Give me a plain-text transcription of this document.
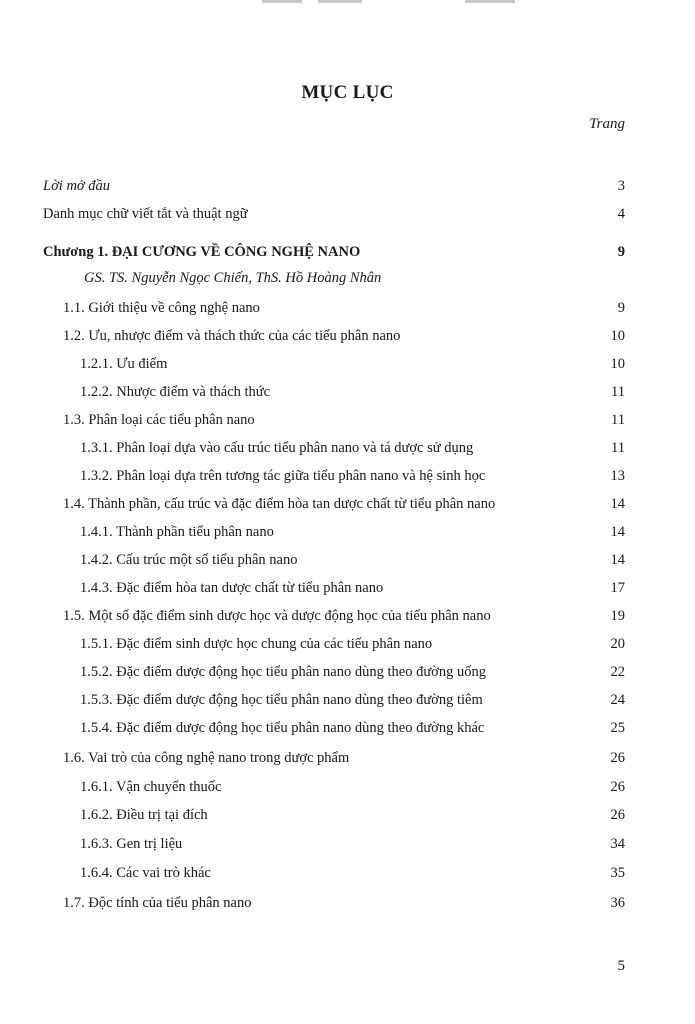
MỤC LỤC
Trang
Lời mở đầu	3
Danh mục chữ viết tắt và thuật ngữ	4
Chương 1. ĐẠI CƯƠNG VỀ CÔNG NGHỆ NANO	9
GS. TS. Nguyễn Ngọc Chiến, ThS. Hồ Hoàng Nhân
1.1. Giới thiệu về công nghệ nano	9
1.2. Ưu, nhược điểm và thách thức của các tiểu phân nano	10
1.2.1. Ưu điểm	10
1.2.2. Nhược điểm và thách thức	11
1.3. Phân loại các tiểu phân nano	11
1.3.1. Phân loại dựa vào cấu trúc tiểu phân nano và tá dược sử dụng	11
1.3.2. Phân loại dựa trên tương tác giữa tiểu phân nano và hệ sinh học	13
1.4. Thành phần, cấu trúc và đặc điểm hòa tan dược chất từ tiểu phân nano	14
1.4.1. Thành phần tiểu phân nano	14
1.4.2. Cấu trúc một số tiểu phân nano	14
1.4.3. Đặc điểm hòa tan dược chất từ tiểu phân nano	17
1.5. Một số đặc điểm sinh dược học và dược động học của tiểu phân nano	19
1.5.1. Đặc điểm sinh dược học chung của các tiểu phân nano	20
1.5.2. Đặc điểm dược động học tiểu phân nano dùng theo đường uống	22
1.5.3. Đặc điểm dược động học tiểu phân nano dùng theo đường tiêm	24
1.5.4. Đặc điểm dược động học tiểu phân nano dùng theo đường khác	25
1.6. Vai trò của công nghệ nano trong dược phẩm	26
1.6.1. Vận chuyển thuốc	26
1.6.2. Điều trị tại đích	26
1.6.3. Gen trị liệu	34
1.6.4. Các vai trò khác	35
1.7. Độc tính của tiểu phân nano	36
5
